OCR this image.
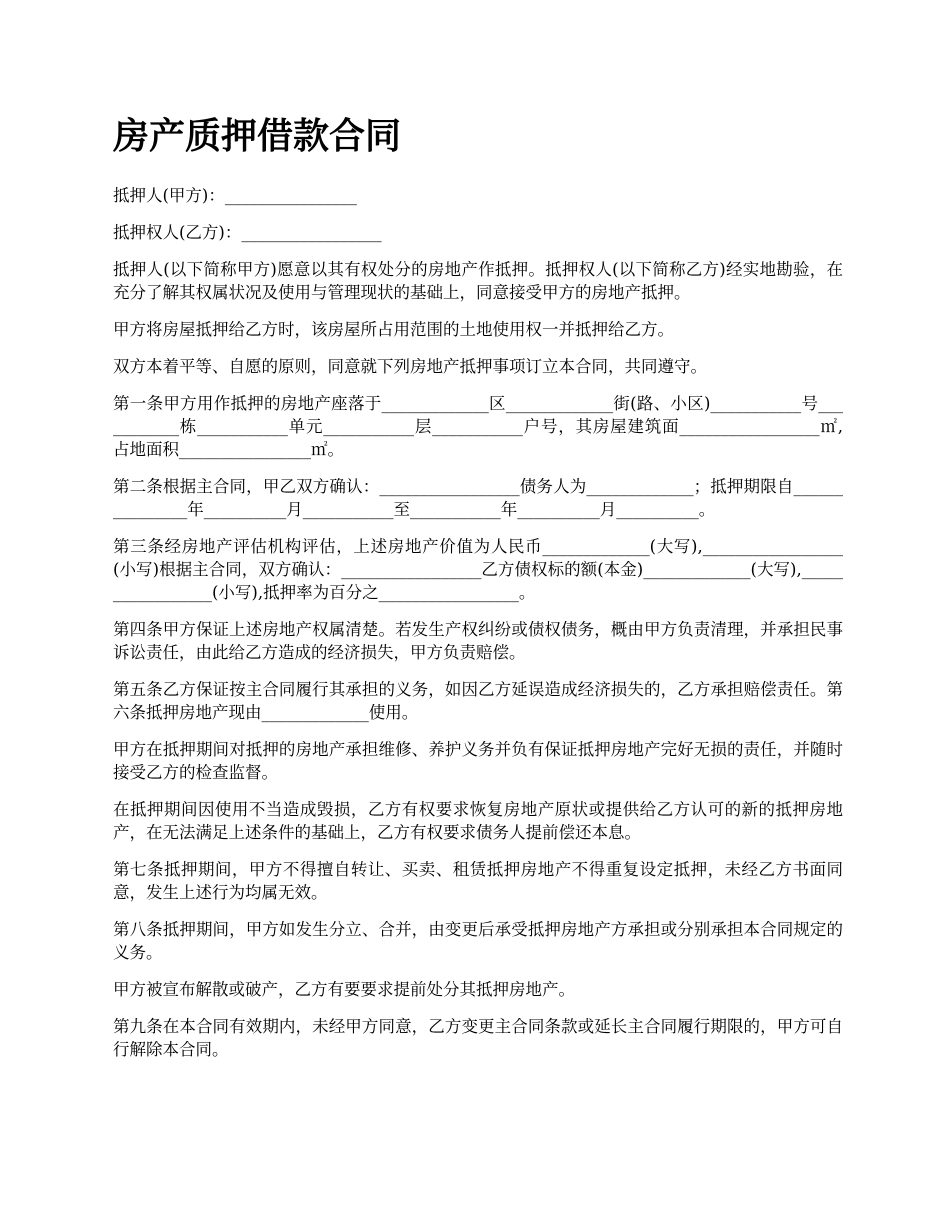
房产质押借款合同

抵押人(甲方)：________________

抵押权人(乙方)：_________________

抵押人(以下简称甲方)愿意以其有权处分的房地产作抵押。抵押权人(以下简称乙方)经实地勘验，在充分了解其权属状况及使用与管理现状的基础上，同意接受甲方的房地产抵押。

甲方将房屋抵押给乙方时，该房屋所占用范围的土地使用权一并抵押给乙方。

双方本着平等、自愿的原则，同意就下列房地产抵押事项订立本合同，共同遵守。

第一条甲方用作抵押的房地产座落于_____________区_____________街(路、小区)___________号___________栋___________单元___________层___________户号，其房屋建筑面_________________㎡,占地面积________________㎡。

第二条根据主合同，甲乙双方确认：_________________债务人为_____________；抵押期限自_______________年__________月___________至___________年__________月__________。

第三条经房地产评估机构评估，上述房地产价值为人民币_____________(大写),_________________(小写)根据主合同，双方确认：_________________乙方债权标的额(本金)_____________(大写),_________________(小写),抵押率为百分之_________________。

第四条甲方保证上述房地产权属清楚。若发生产权纠纷或债权债务，概由甲方负责清理，并承担民事诉讼责任，由此给乙方造成的经济损失，甲方负责赔偿。

第五条乙方保证按主合同履行其承担的义务，如因乙方延误造成经济损失的，乙方承担赔偿责任。第六条抵押房地产现由_____________使用。

甲方在抵押期间对抵押的房地产承担维修、养护义务并负有保证抵押房地产完好无损的责任，并随时接受乙方的检查监督。

在抵押期间因使用不当造成毁损，乙方有权要求恢复房地产原状或提供给乙方认可的新的抵押房地产，在无法满足上述条件的基础上，乙方有权要求债务人提前偿还本息。

第七条抵押期间，甲方不得擅自转让、买卖、租赁抵押房地产不得重复设定抵押，未经乙方书面同意，发生上述行为均属无效。

第八条抵押期间，甲方如发生分立、合并，由变更后承受抵押房地产方承担或分别承担本合同规定的义务。

甲方被宣布解散或破产，乙方有要要求提前处分其抵押房地产。

第九条在本合同有效期内，未经甲方同意，乙方变更主合同条款或延长主合同履行期限的，甲方可自行解除本合同。
